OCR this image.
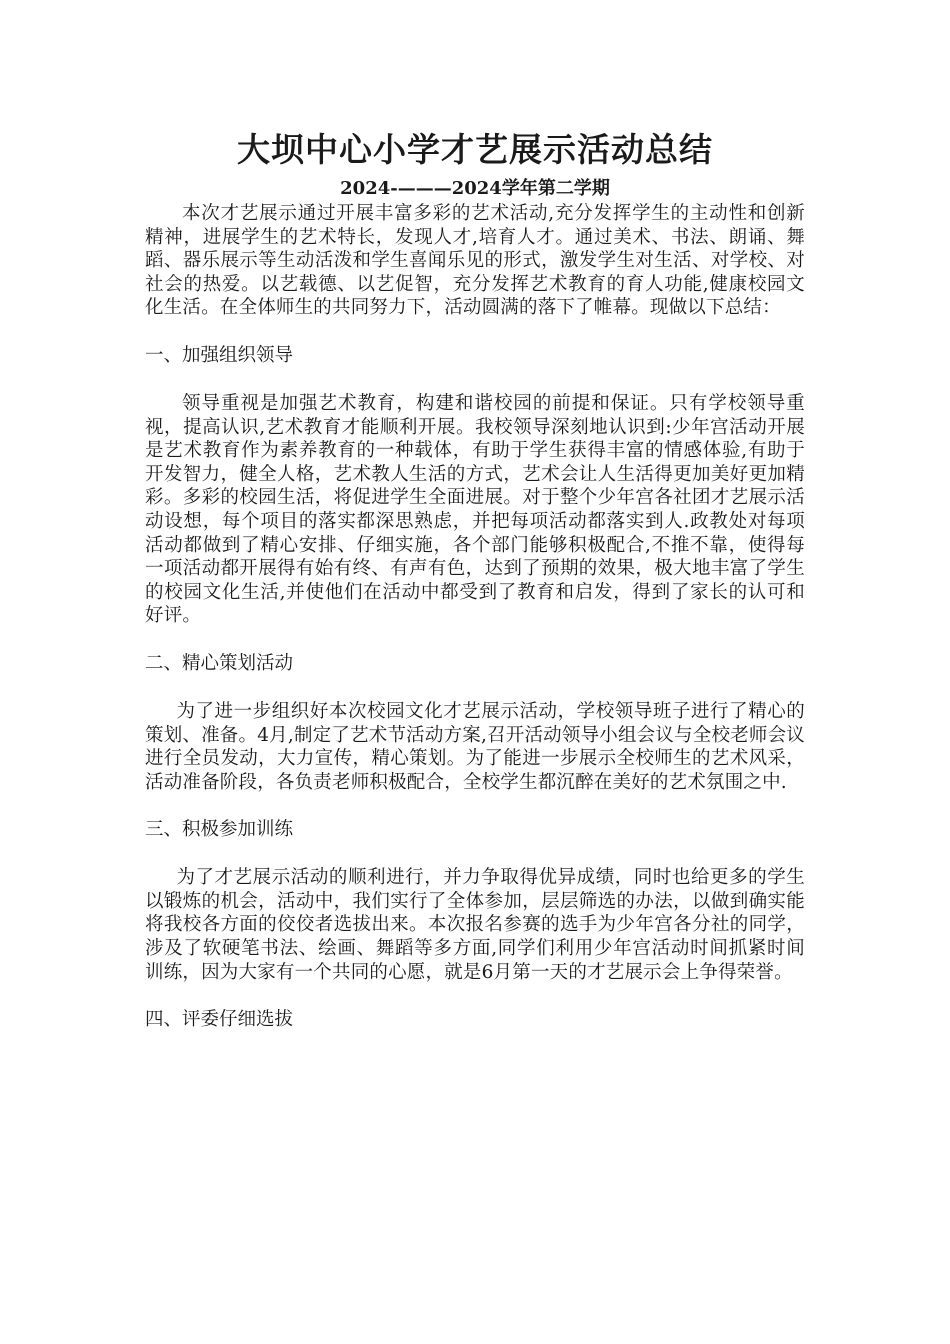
大坝中心小学才艺展示活动总结
2024-———2024学年第二学期

本次才艺展示通过开展丰富多彩的艺术活动,充分发挥学生的主动性和创新精神，进展学生的艺术特长，发现人才,培育人才。通过美术、书法、朗诵、舞蹈、器乐展示等生动活泼和学生喜闻乐见的形式，激发学生对生活、对学校、对社会的热爱。以艺载德、以艺促智，充分发挥艺术教育的育人功能,健康校园文化生活。在全体师生的共同努力下，活动圆满的落下了帷幕。现做以下总结：

一、加强组织领导

领导重视是加强艺术教育，构建和谐校园的前提和保证。只有学校领导重视，提高认识,艺术教育才能顺利开展。我校领导深刻地认识到:少年宫活动开展是艺术教育作为素养教育的一种载体，有助于学生获得丰富的情感体验,有助于开发智力，健全人格，艺术教人生活的方式，艺术会让人生活得更加美好更加精彩。多彩的校园生活，将促进学生全面进展。对于整个少年宫各社团才艺展示活动设想，每个项目的落实都深思熟虑，并把每项活动都落实到人.政教处对每项活动都做到了精心安排、仔细实施，各个部门能够积极配合,不推不靠，使得每一项活动都开展得有始有终、有声有色，达到了预期的效果，极大地丰富了学生的校园文化生活,并使他们在活动中都受到了教育和启发，得到了家长的认可和好评。

二、精心策划活动

为了进一步组织好本次校园文化才艺展示活动，学校领导班子进行了精心的策划、准备。4月,制定了艺术节活动方案,召开活动领导小组会议与全校老师会议进行全员发动，大力宣传，精心策划。为了能进一步展示全校师生的艺术风采，活动准备阶段，各负责老师积极配合，全校学生都沉醉在美好的艺术氛围之中.

三、积极参加训练

为了才艺展示活动的顺利进行，并力争取得优异成绩，同时也给更多的学生以锻炼的机会，活动中，我们实行了全体参加，层层筛选的办法，以做到确实能将我校各方面的佼佼者选拔出来。本次报名参赛的选手为少年宫各分社的同学，涉及了软硬笔书法、绘画、舞蹈等多方面,同学们利用少年宫活动时间抓紧时间训练，因为大家有一个共同的心愿，就是6月第一天的才艺展示会上争得荣誉。

四、评委仔细选拔
